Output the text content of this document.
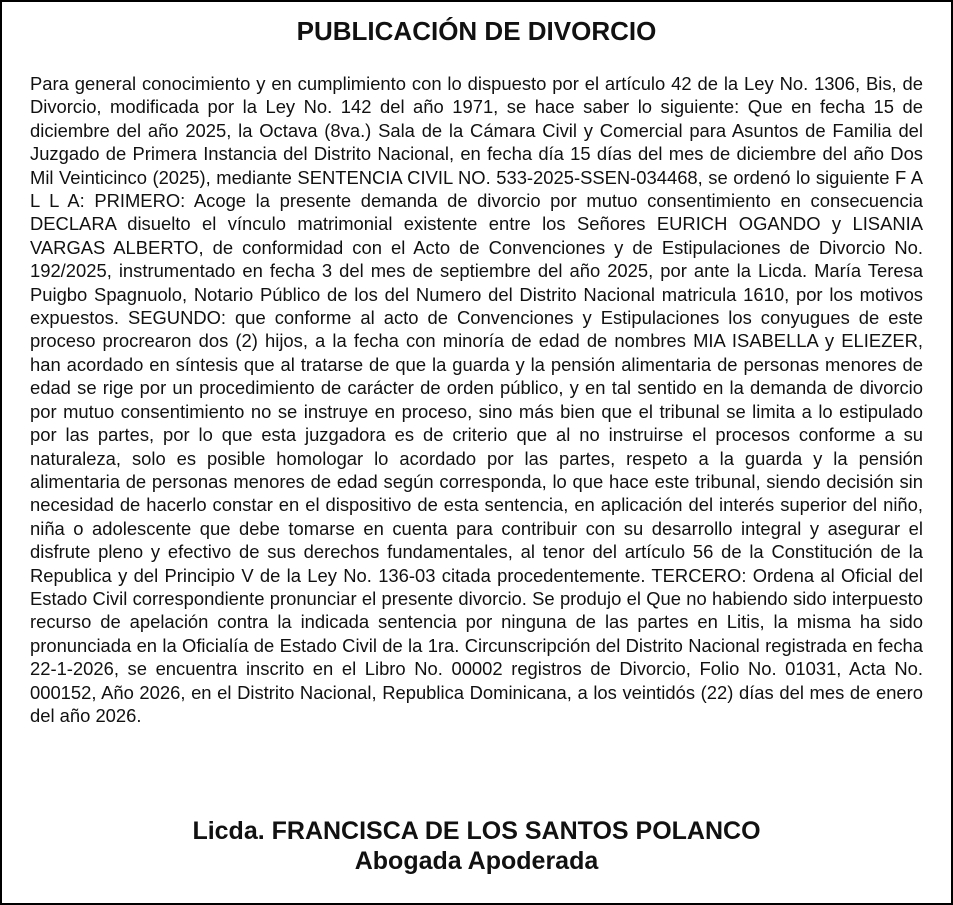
PUBLICACIÓN DE DIVORCIO

Para general conocimiento y en cumplimiento con lo dispuesto por el artículo 42 de la Ley No. 1306, Bis, de Divorcio, modificada por la Ley No. 142 del año 1971, se hace saber lo siguiente: Que en fecha 15 de diciembre del año 2025, la Octava (8va.) Sala de la Cámara Civil y Comercial para Asuntos de Familia del Juzgado de Primera Instancia del Distrito Nacional, en fecha día 15 días del mes de diciembre del año Dos Mil Veinticinco (2025), mediante SENTENCIA CIVIL NO. 533-2025-SSEN-034468, se ordenó lo siguiente F A L L A: PRIMERO: Acoge la presente demanda de divorcio por mutuo consentimiento en consecuencia DECLARA disuelto el vínculo matrimonial existente entre los Señores EURICH OGANDO y LISANIA VARGAS ALBERTO, de conformidad con el Acto de Convenciones y de Estipulaciones de Divorcio No. 192/2025, instrumentado en fecha 3 del mes de septiembre del año 2025, por ante la Licda. María Teresa Puigbo Spagnuolo, Notario Público de los del Numero del Distrito Nacional matricula 1610, por los motivos expuestos. SEGUNDO: que conforme al acto de Convenciones y Estipulaciones los conyugues de este proceso procrearon dos (2) hijos, a la fecha con minoría de edad de nombres MIA ISABELLA y ELIEZER, han acordado en síntesis que al tratarse de que la guarda y la pensión alimentaria de personas menores de edad se rige por un procedimiento de carácter de orden público, y en tal sentido en la demanda de divorcio por mutuo consentimiento no se instruye en proceso, sino más bien que el tribunal se limita a lo estipulado por las partes, por lo que esta juzgadora es de criterio que al no instruirse el procesos conforme a su naturaleza, solo es posible homologar lo acordado por las partes, respeto a la guarda y la pensión alimentaria de personas menores de edad según corresponda, lo que hace este tribunal, siendo decisión sin necesidad de hacerlo constar en el dispositivo de esta sentencia, en aplicación del interés superior del niño, niña o adolescente que debe tomarse en cuenta para contribuir con su desarrollo integral y asegurar el disfrute pleno y efectivo de sus derechos fundamentales, al tenor del artículo 56 de la Constitución de la Republica y del Principio V de la Ley No. 136-03 citada procedentemente. TERCERO: Ordena al Oficial del Estado Civil correspondiente pronunciar el presente divorcio. Se produjo el Que no habiendo sido interpuesto recurso de apelación contra la indicada sentencia por ninguna de las partes en Litis, la misma ha sido pronunciada en la Oficialía de Estado Civil de la 1ra. Circunscripción del Distrito Nacional registrada en fecha 22-1-2026, se encuentra inscrito en el Libro No. 00002 registros de Divorcio, Folio No. 01031, Acta No. 000152, Año 2026, en el Distrito Nacional, Republica Dominicana, a los veintidós (22) días del mes de enero del año 2026.

Licda. FRANCISCA DE LOS SANTOS POLANCO
Abogada Apoderada
